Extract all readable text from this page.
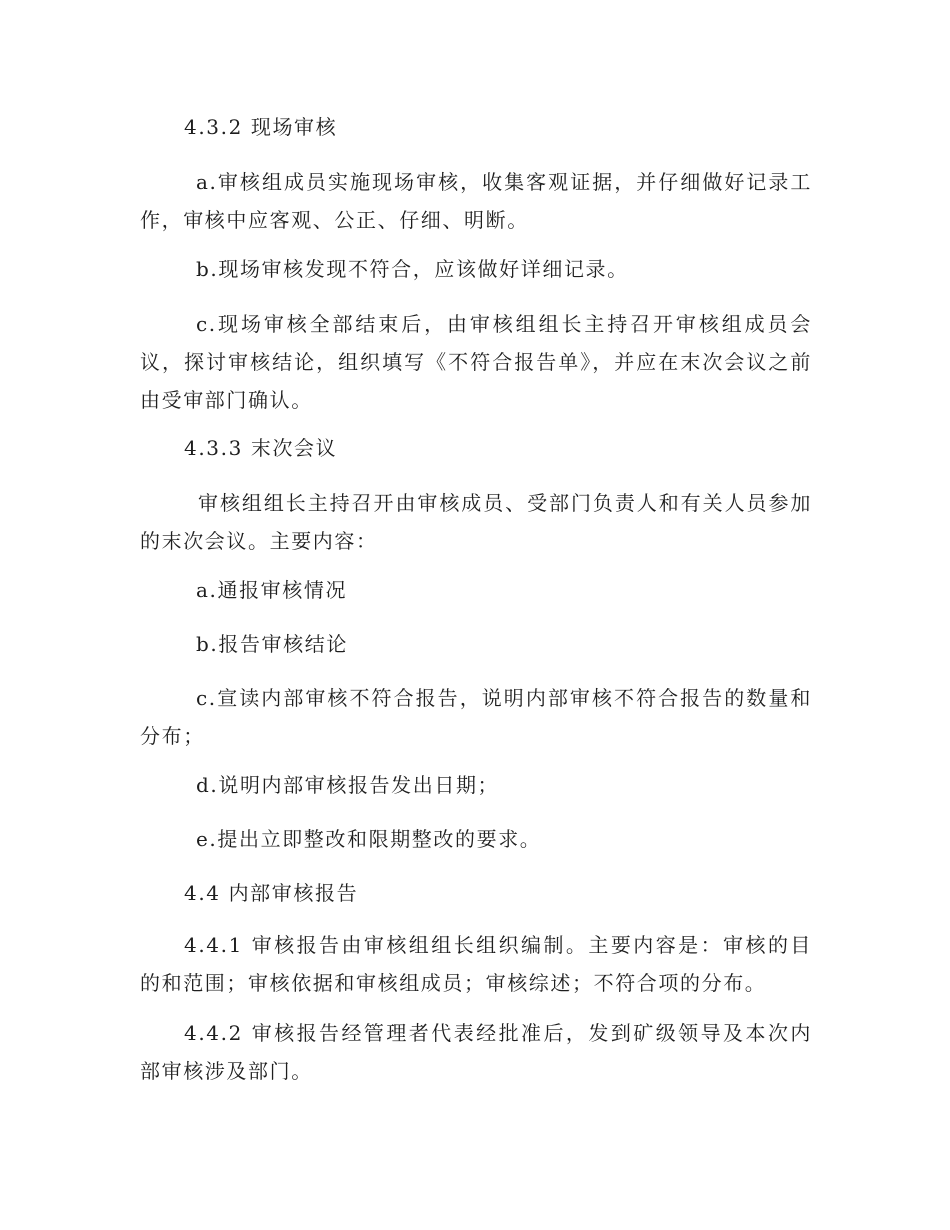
4.3.2 现场审核

a.审核组成员实施现场审核，收集客观证据，并仔细做好记录工作，审核中应客观、公正、仔细、明断。

b.现场审核发现不符合，应该做好详细记录。

c.现场审核全部结束后，由审核组组长主持召开审核组成员会议，探讨审核结论，组织填写《不符合报告单》，并应在末次会议之前由受审部门确认。

4.3.3 末次会议

审核组组长主持召开由审核成员、受部门负责人和有关人员参加的末次会议。主要内容：

a.通报审核情况

b.报告审核结论

c.宣读内部审核不符合报告，说明内部审核不符合报告的数量和分布；

d.说明内部审核报告发出日期；

e.提出立即整改和限期整改的要求。

4.4 内部审核报告

4.4.1 审核报告由审核组组长组织编制。主要内容是：审核的目的和范围；审核依据和审核组成员；审核综述；不符合项的分布。

4.4.2 审核报告经管理者代表经批准后，发到矿级领导及本次内部审核涉及部门。
